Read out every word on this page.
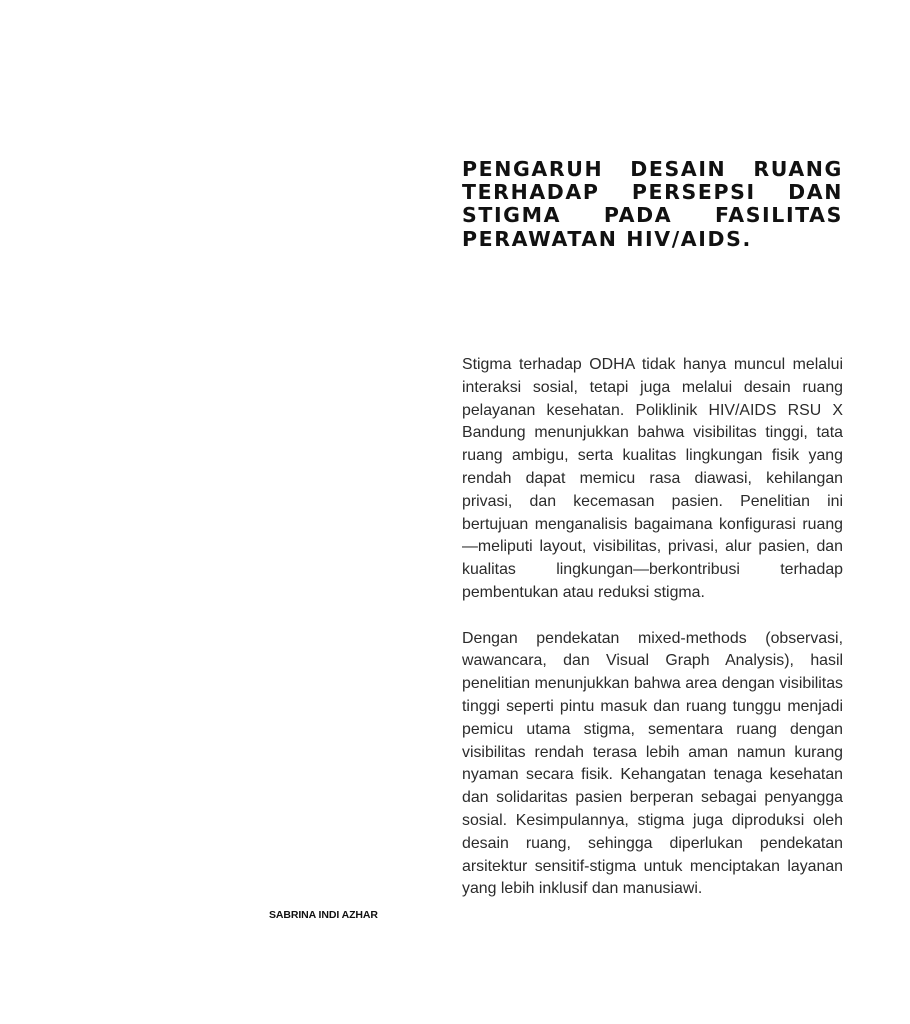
PENGARUH DESAIN RUANG TERHADAP PERSEPSI DAN STIGMA PADA FASILITAS PERAWATAN HIV/AIDS.

Stigma terhadap ODHA tidak hanya muncul melalui interaksi sosial, tetapi juga melalui desain ruang pelayanan kesehatan. Poliklinik HIV/AIDS RSU X Bandung menunjukkan bahwa visibilitas tinggi, tata ruang ambigu, serta kualitas lingkungan fisik yang rendah dapat memicu rasa diawasi, kehilangan privasi, dan kecemasan pasien. Penelitian ini bertujuan menganalisis bagaimana konfigurasi ruang—meliputi layout, visibilitas, privasi, alur pasien, dan kualitas lingkungan—berkontribusi terhadap pembentukan atau reduksi stigma.

Dengan pendekatan mixed-methods (observasi, wawancara, dan Visual Graph Analysis), hasil penelitian menunjukkan bahwa area dengan visibilitas tinggi seperti pintu masuk dan ruang tunggu menjadi pemicu utama stigma, sementara ruang dengan visibilitas rendah terasa lebih aman namun kurang nyaman secara fisik. Kehangatan tenaga kesehatan dan solidaritas pasien berperan sebagai penyangga sosial. Kesimpulannya, stigma juga diproduksi oleh desain ruang, sehingga diperlukan pendekatan arsitektur sensitif-stigma untuk menciptakan layanan yang lebih inklusif dan manusiawi.

SABRINA INDI AZHAR
